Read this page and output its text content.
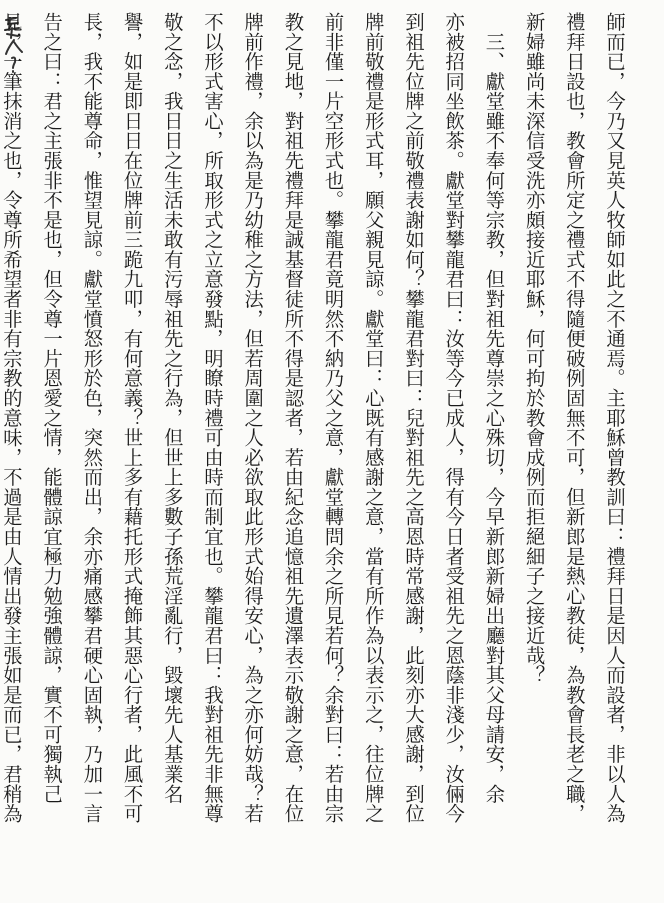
師而已，今乃又見英人牧師如此之不通焉。主耶穌曾教訓曰：禮拜日是因人而設者，非以人為
禮拜日設也，教會所定之禮式不得隨便破例固無不可，但新郎是熱心教徒，為教會長老之職，
新婦雖尚未深信受洗亦頗接近耶穌，何可拘於教會成例而拒絕細子之接近哉？
　三、獻堂雖不奉何等宗教，但對祖先尊崇之心殊切，今早新郎新婦出廳對其父母請安，余
亦被招同坐飲茶。獻堂對攀龍君曰：汝等今已成人，得有今日者受祖先之恩蔭非淺少，汝倆今
到祖先位牌之前敬禮表謝如何？攀龍君對曰：兒對祖先之高恩時常感謝，此刻亦大感謝，到位
牌前敬禮是形式耳，願父親見諒。獻堂曰：心既有感謝之意，當有所作為以表示之，往位牌之
前非僅一片空形式也。攀龍君竟明然不納乃父之意，獻堂轉問余之所見若何？余對曰：若由宗
教之見地，對祖先禮拜是誠基督徒所不得是認者，若由紀念追憶祖先遺澤表示敬謝之意，在位
牌前作禮，余以為是乃幼稚之方法，但若周圍之人必欲取此形式始得安心，為之亦何妨哉？若
不以形式害心，所取形式之立意發點，明瞭時禮可由時而制宜也。攀龍君曰：我對祖先非無尊
敬之念，我日日之生活未敢有污辱祖先之行為，但世上多數子孫荒淫亂行，毀壞先人基業名
譽，如是即日日在位牌前三跪九叩，有何意義？世上多有藉托形式掩飾其惡心行者，此風不可
長，我不能尊命，惟望見諒。獻堂憤怒形於色，突然而出，余亦痛感攀君硬心固執，乃加一言
告之曰：君之主張非不是也，但令尊一片恩愛之情，能體諒宜極力勉強體諒，實不可獨執己
見，一筆抹消之也，令尊所希望者非有宗教的意味，不過是由人情出發主張如是而已，君稍為
